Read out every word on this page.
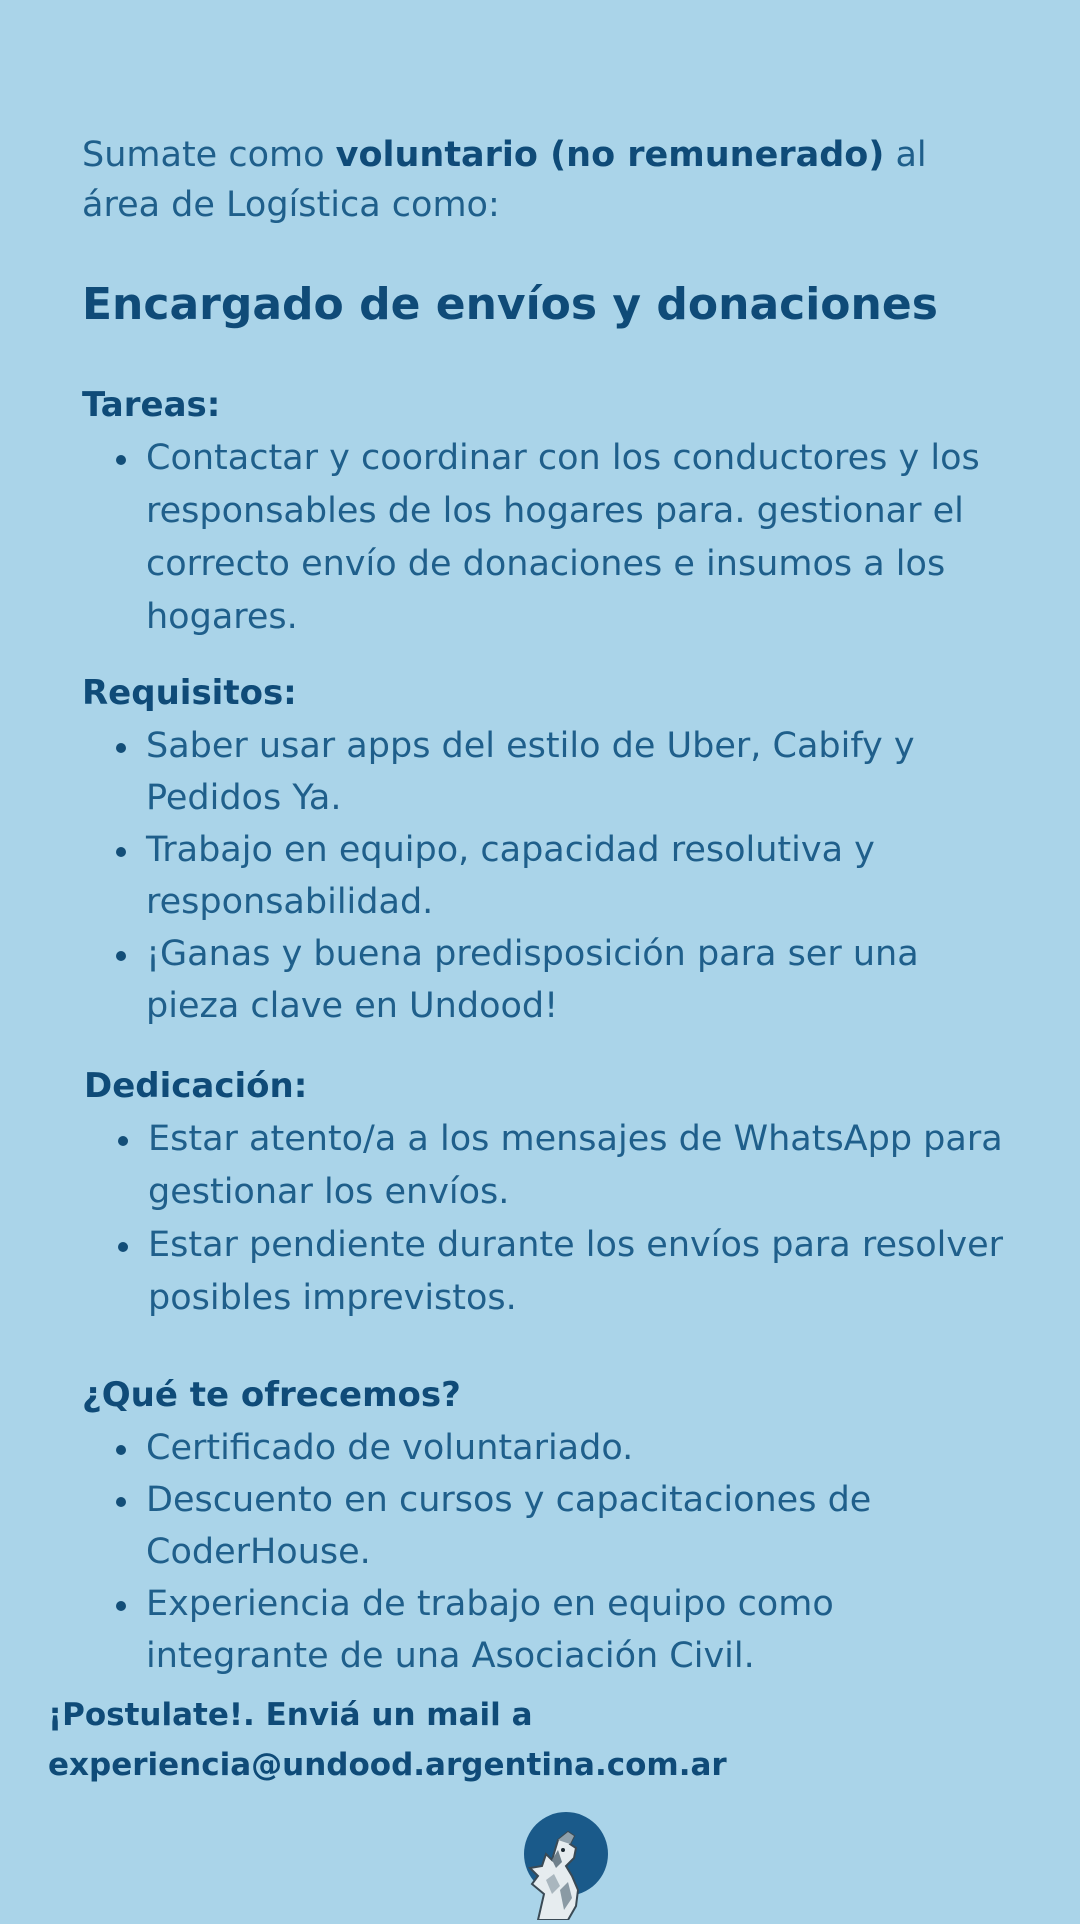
Sumate como voluntario (no remunerado) al área de Logística como:
Encargado de envíos y donaciones
Tareas:
Contactar y coordinar con los conductores y los responsables de los hogares para. gestionar el correcto envío de donaciones e insumos a los hogares.
Requisitos:
Saber usar apps del estilo de Uber, Cabify y Pedidos Ya.
Trabajo en equipo, capacidad resolutiva y responsabilidad.
¡Ganas y buena predisposición para ser una pieza clave en Undood!
Dedicación:
Estar atento/a a los mensajes de WhatsApp para gestionar los envíos.
Estar pendiente durante los envíos para resolver posibles imprevistos.
¿Qué te ofrecemos?
Certificado de voluntariado.
Descuento en cursos y capacitaciones de CoderHouse.
Experiencia de trabajo en equipo como integrante de una Asociación Civil.
¡Postulate!. Enviá un mail a
experiencia@undood.argentina.com.ar
